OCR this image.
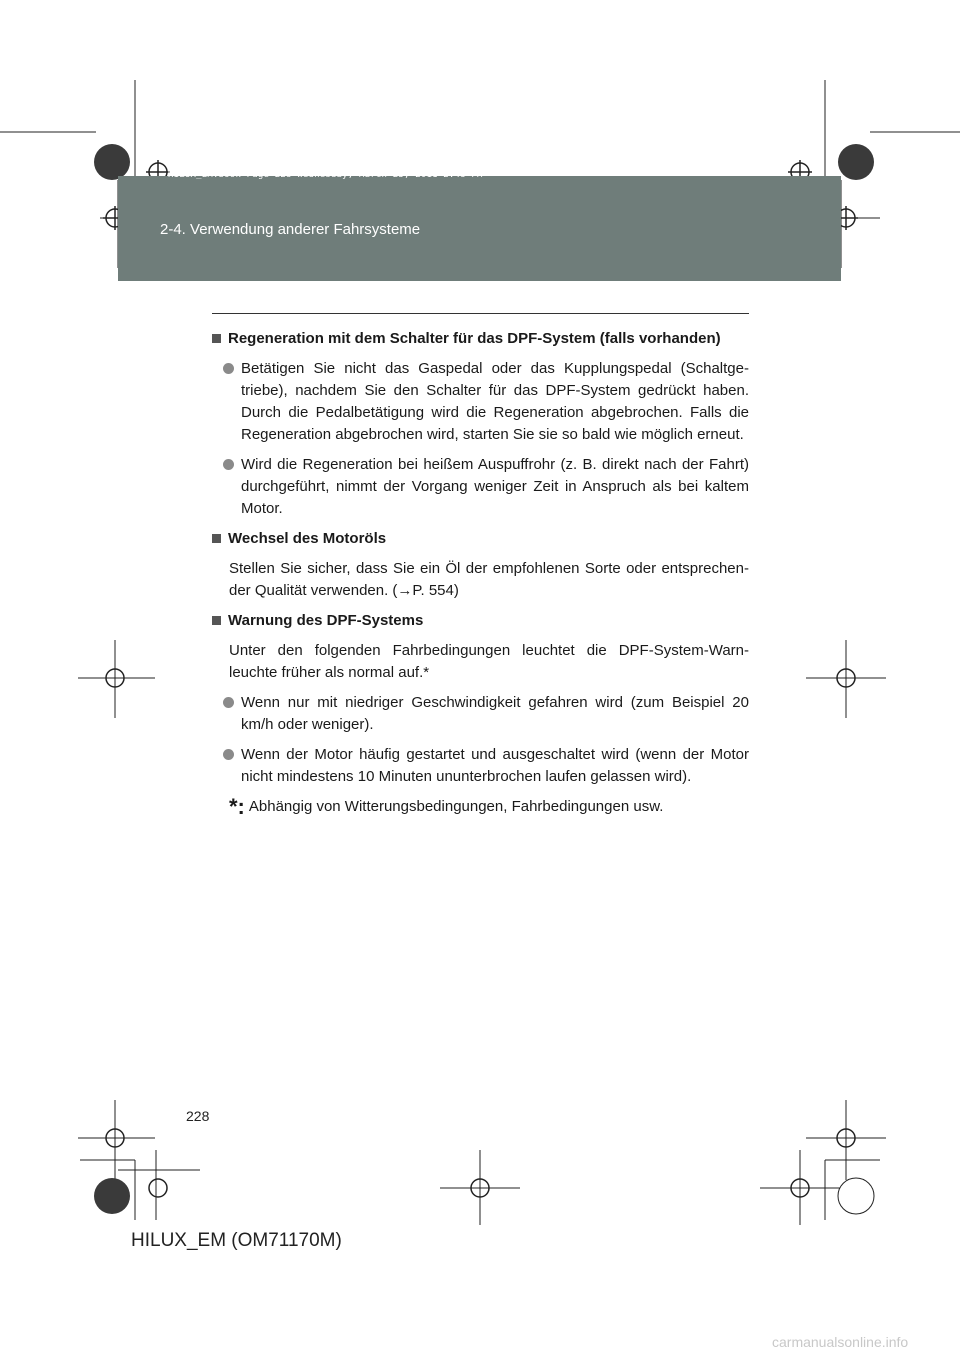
HILUX_EM.book Page 228 Wednesday, March 23, 2011 2:48 PM
2-4. Verwendung anderer Fahrsysteme
Regeneration mit dem Schalter für das DPF-System (falls vorhanden)

Betätigen Sie nicht das Gaspedal oder das Kupplungspedal (Schaltge-triebe), nachdem Sie den Schalter für das DPF-System gedrückt haben. Durch die Pedalbetätigung wird die Regeneration abgebrochen. Falls die Regeneration abgebrochen wird, starten Sie sie so bald wie möglich erneut.

Wird die Regeneration bei heißem Auspuffrohr (z. B. direkt nach der Fahrt) durchgeführt, nimmt der Vorgang weniger Zeit in Anspruch als bei kaltem Motor.

Wechsel des Motoröls

Stellen Sie sicher, dass Sie ein Öl der empfohlenen Sorte oder entsprechen-der Qualität verwenden. (→P. 554)

Warnung des DPF-Systems

Unter den folgenden Fahrbedingungen leuchtet die DPF-System-Warn-leuchte früher als normal auf.*

Wenn nur mit niedriger Geschwindigkeit gefahren wird (zum Beispiel 20 km/h oder weniger).

Wenn der Motor häufig gestartet und ausgeschaltet wird (wenn der Motor nicht mindestens 10 Minuten ununterbrochen laufen gelassen wird).

*: Abhängig von Witterungsbedingungen, Fahrbedingungen usw.
228
HILUX_EM (OM71170M)
carmanualsonline.info
